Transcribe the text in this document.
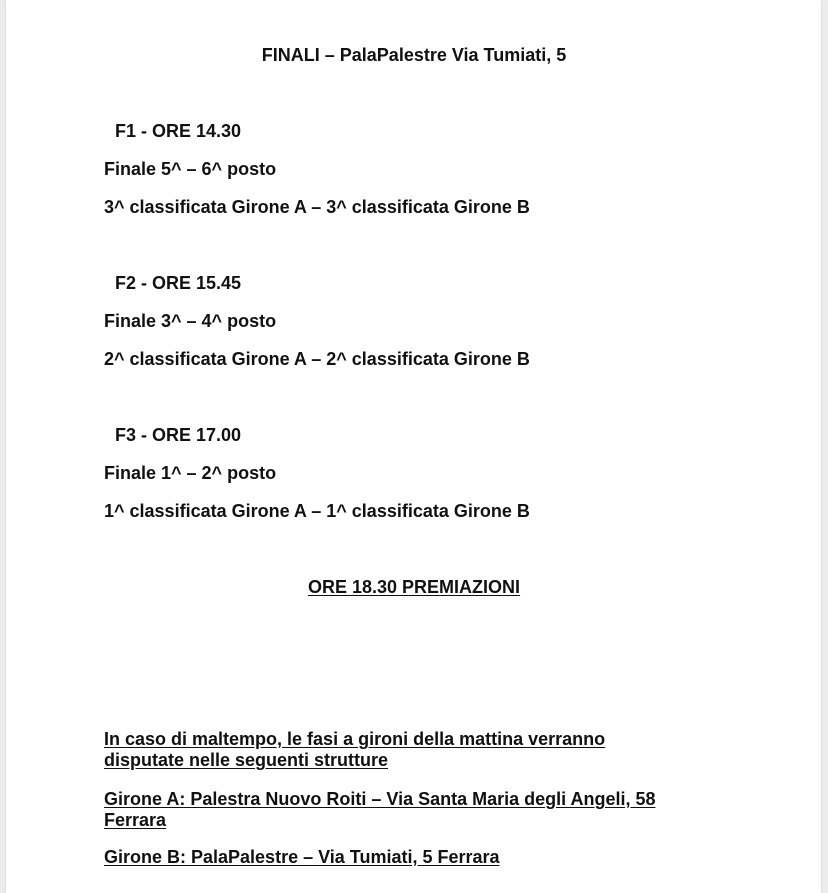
FINALI – PalaPalestre Via Tumiati, 5

F1 - ORE 14.30

Finale 5^ – 6^ posto

3^ classificata Girone A – 3^ classificata Girone B

F2 - ORE 15.45

Finale 3^ – 4^ posto

2^ classificata Girone A – 2^ classificata Girone B

F3 - ORE 17.00

Finale 1^ – 2^ posto

1^ classificata Girone A – 1^ classificata Girone B

ORE 18.30 PREMIAZIONI

In caso di maltempo, le fasi a gironi della mattina verranno

disputate nelle seguenti strutture

Girone A: Palestra Nuovo Roiti – Via Santa Maria degli Angeli, 58

Ferrara

Girone B: PalaPalestre – Via Tumiati, 5 Ferrara
